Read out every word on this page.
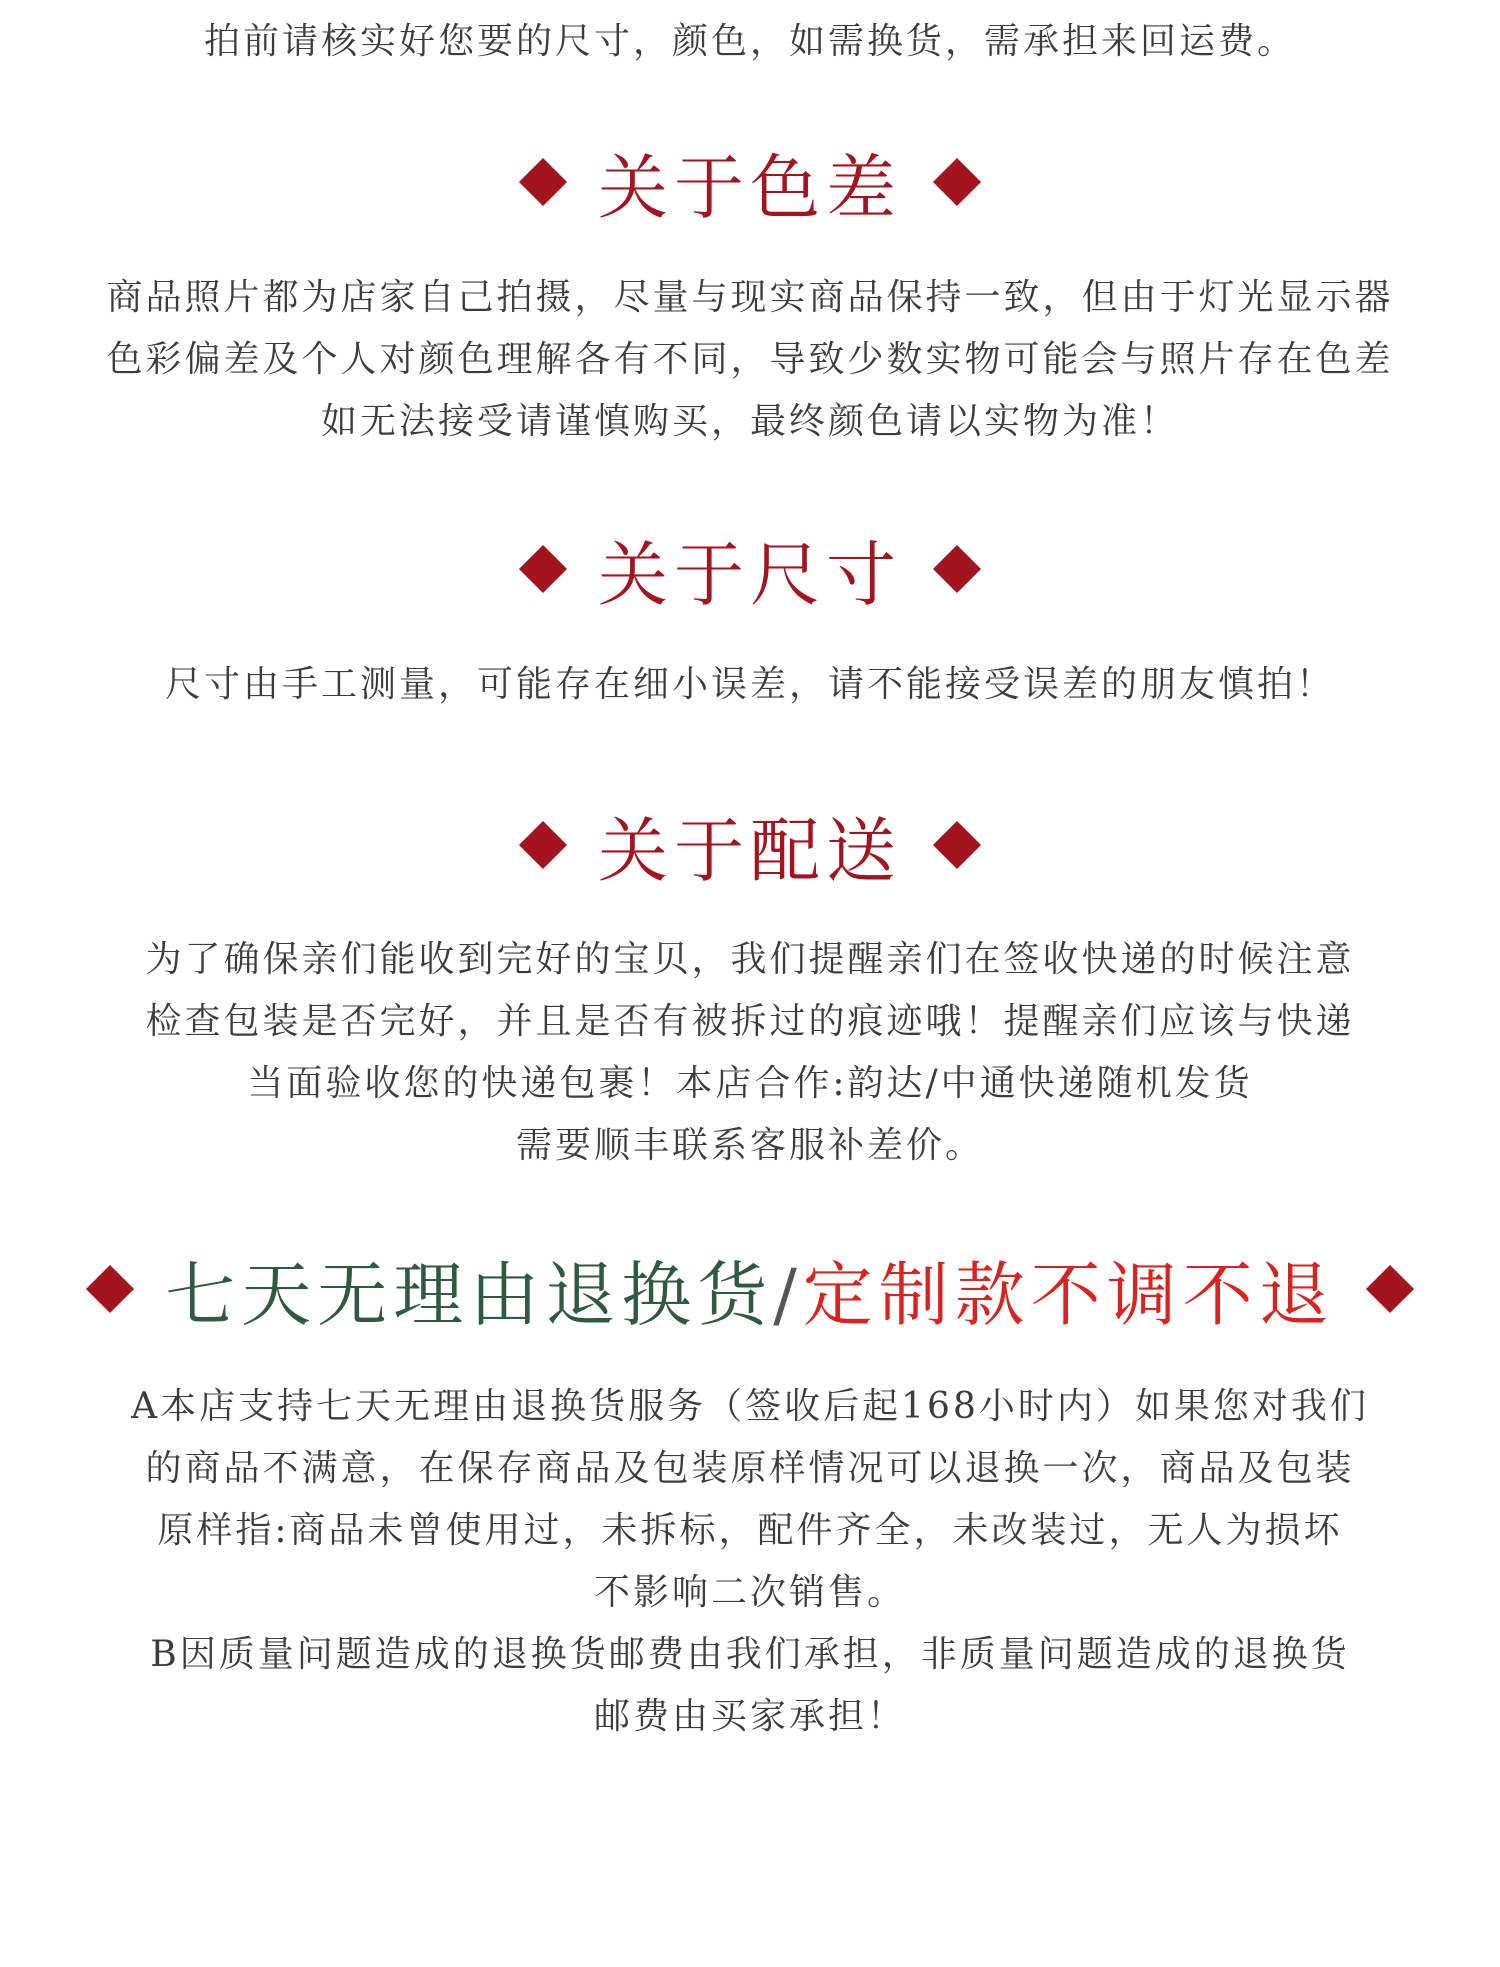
拍前请核实好您要的尺寸，颜色，如需换货，需承担来回运费。
关于色差
商品照片都为店家自己拍摄，尽量与现实商品保持一致，但由于灯光显示器
色彩偏差及个人对颜色理解各有不同，导致少数实物可能会与照片存在色差
如无法接受请谨慎购买，最终颜色请以实物为准！
关于尺寸
尺寸由手工测量，可能存在细小误差，请不能接受误差的朋友慎拍！
关于配送
为了确保亲们能收到完好的宝贝，我们提醒亲们在签收快递的时候注意
检查包装是否完好，并且是否有被拆过的痕迹哦！提醒亲们应该与快递
当面验收您的快递包裹！本店合作:韵达/中通快递随机发货
需要顺丰联系客服补差价。
七天无理由退换货/定制款不调不退
A本店支持七天无理由退换货服务（签收后起168小时内）如果您对我们
的商品不满意，在保存商品及包装原样情况可以退换一次，商品及包装
原样指:商品未曾使用过，未拆标，配件齐全，未改装过，无人为损坏
不影响二次销售。
B因质量问题造成的退换货邮费由我们承担，非质量问题造成的退换货
邮费由买家承担！
